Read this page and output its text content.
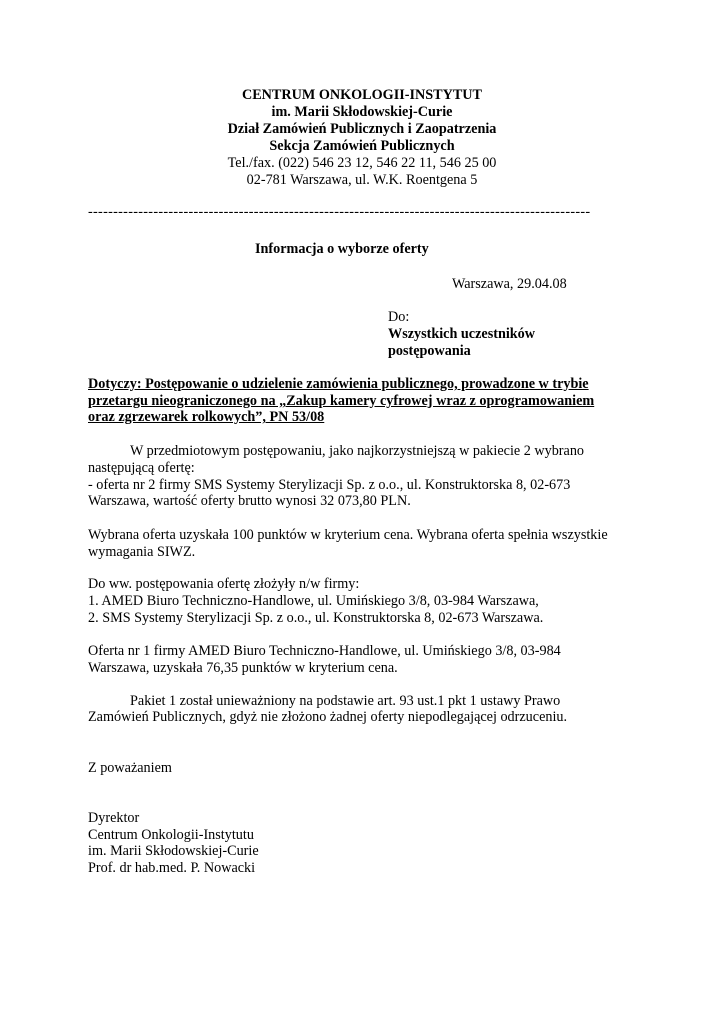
CENTRUM ONKOLOGII-INSTYTUT
im. Marii Skłodowskiej-Curie
Dział Zamówień Publicznych i Zaopatrzenia
Sekcja Zamówień Publicznych
Tel./fax. (022) 546 23 12, 546 22 11, 546 25 00
02-781 Warszawa, ul. W.K. Roentgena 5
----------------------------------------------------------------------------------------------------
Informacja o wyborze oferty
Warszawa, 29.04.08
Do:
Wszystkich uczestników
postępowania
Dotyczy: Postępowanie o udzielenie zamówienia publicznego, prowadzone w trybie
przetargu nieograniczonego na „Zakup kamery cyfrowej wraz z oprogramowaniem
oraz zgrzewarek rolkowych”, PN 53/08
W przedmiotowym postępowaniu, jako najkorzystniejszą w pakiecie 2 wybrano
następującą ofertę:
- oferta nr 2 firmy SMS Systemy Sterylizacji Sp. z o.o., ul. Konstruktorska 8, 02-673
Warszawa, wartość oferty brutto wynosi 32 073,80 PLN.
Wybrana oferta uzyskała 100 punktów w kryterium cena. Wybrana oferta spełnia wszystkie
wymagania SIWZ.
Do ww. postępowania ofertę złożyły n/w firmy:
1. AMED Biuro Techniczno-Handlowe, ul. Umińskiego 3/8, 03-984 Warszawa,
2. SMS Systemy Sterylizacji Sp. z o.o., ul. Konstruktorska 8, 02-673 Warszawa.
Oferta nr 1 firmy AMED Biuro Techniczno-Handlowe, ul. Umińskiego 3/8, 03-984
Warszawa, uzyskała 76,35 punktów w kryterium cena.
Pakiet 1 został unieważniony na podstawie art. 93 ust.1 pkt 1 ustawy Prawo
Zamówień Publicznych, gdyż nie złożono żadnej oferty niepodlegającej odrzuceniu.
Z poważaniem
Dyrektor
Centrum Onkologii-Instytutu
im. Marii Skłodowskiej-Curie
Prof. dr hab.med. P. Nowacki
